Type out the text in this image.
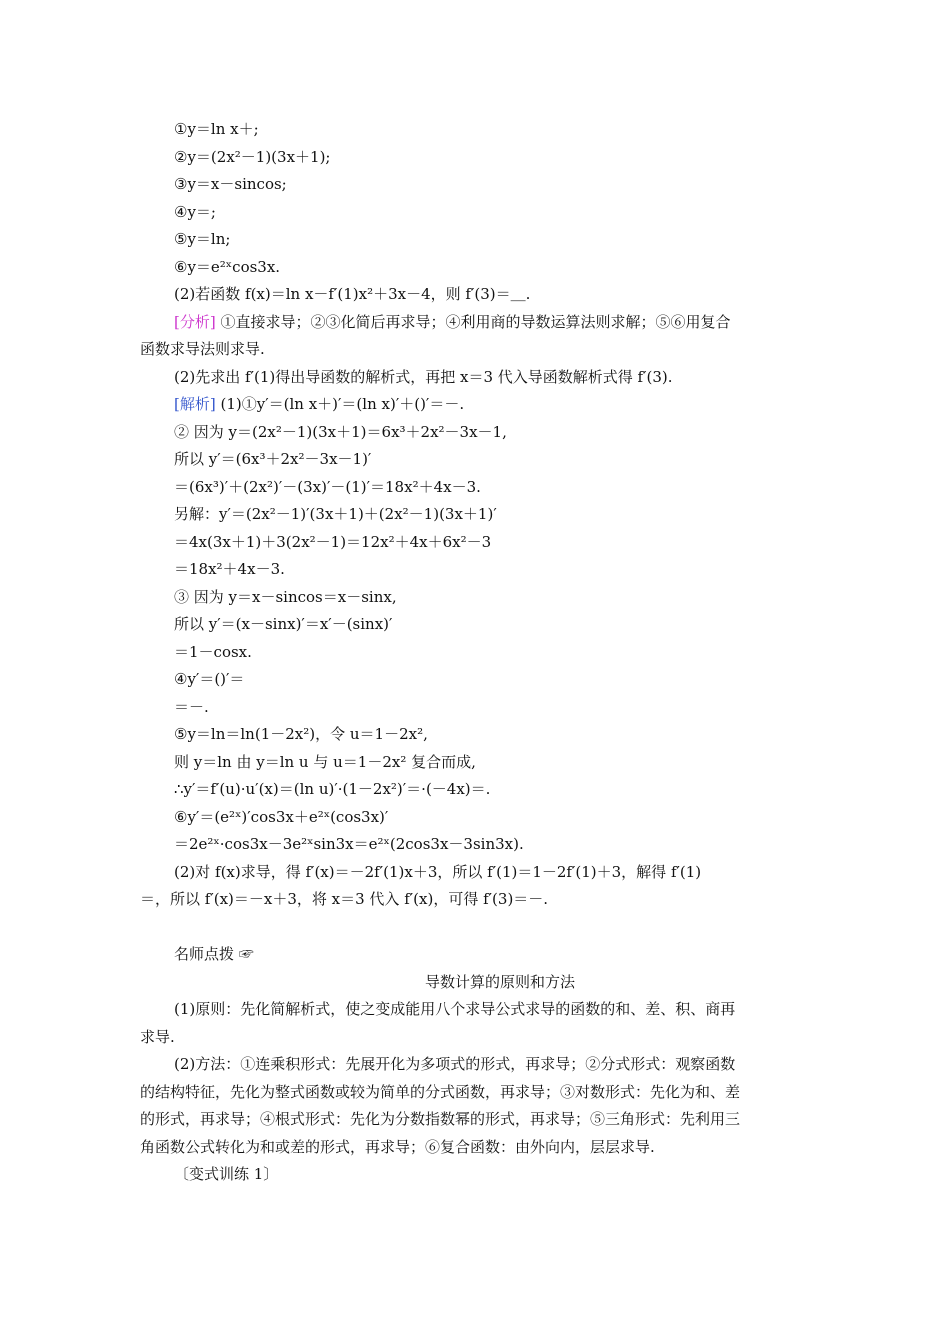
①y＝ln x＋;
②y＝(2x²－1)(3x＋1);
③y＝x－sincos;
④y＝;
⑤y＝ln;
⑥y＝e²ˣcos3x.
(2)若函数 f(x)＝ln x－f′(1)x²＋3x－4，则 f′(3)＝＿.
[分析] ①直接求导；②③化简后再求导；④利用商的导数运算法则求解；⑤⑥用复合
函数求导法则求导.
(2)先求出 f′(1)得出导函数的解析式，再把 x＝3 代入导函数解析式得 f′(3).
[解析] (1)①y′＝(ln x＋)′＝(ln x)′＋()′＝－.
② 因为 y＝(2x²－1)(3x＋1)＝6x³＋2x²－3x－1,
所以 y′＝(6x³＋2x²－3x－1)′
＝(6x³)′＋(2x²)′－(3x)′－(1)′＝18x²＋4x－3.
另解：y′＝(2x²－1)′(3x＋1)＋(2x²－1)(3x＋1)′
＝4x(3x＋1)＋3(2x²－1)＝12x²＋4x＋6x²－3
＝18x²＋4x－3.
③ 因为 y＝x－sincos＝x－sinx,
所以 y′＝(x－sinx)′＝x′－(sinx)′
＝1－cosx.
④y′＝()′＝
＝－.
⑤y＝ln＝ln(1－2x²)，令 u＝1－2x²,
则 y＝ln 由 y＝ln u 与 u＝1－2x² 复合而成,
∴y′＝f′(u)·u′(x)＝(ln u)′·(1－2x²)′＝·(－4x)＝.
⑥y′＝(e²ˣ)′cos3x＋e²ˣ(cos3x)′
＝2e²ˣ·cos3x－3e²ˣsin3x＝e²ˣ(2cos3x－3sin3x).
(2)对 f(x)求导，得 f′(x)＝－2f′(1)x＋3，所以 f′(1)＝1－2f′(1)＋3，解得 f′(1)
＝，所以 f′(x)＝－x＋3，将 x＝3 代入 f′(x)，可得 f′(3)＝－.
名师点拨 ☞
导数计算的原则和方法
(1)原则：先化简解析式，使之变成能用八个求导公式求导的函数的和、差、积、商再
求导.
(2)方法：①连乘积形式：先展开化为多项式的形式，再求导；②分式形式：观察函数
的结构特征，先化为整式函数或较为简单的分式函数，再求导；③对数形式：先化为和、差
的形式，再求导；④根式形式：先化为分数指数幂的形式，再求导；⑤三角形式：先利用三
角函数公式转化为和或差的形式，再求导；⑥复合函数：由外向内，层层求导.
〔变式训练 1〕
